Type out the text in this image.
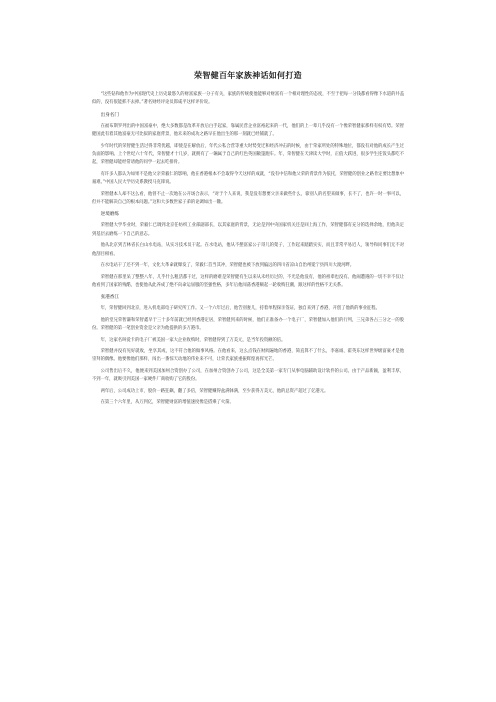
荣智健百年家族神话如何打造
“这些钻和他作为中国现代史上历史最悠久的财富家族一分子有关，家族的传统使他能够对财富有一个相对理性的态度，不至于把每一分钱都看得像下水道的井盖似的，没有很能抓不去掉。”著名财经评论员郎咸平这样评价说。
出身名门
在福布斯罗列出的中国富豪中，绝大多数都是改革开放后白手起家，靠属民营企业富裕起来的一代，他们的上一辈几乎没有一个像荣智健家那样有权有势。荣智健国此有着其他富豪无可比拟的家庭背景，他未来的成功之路早在他出生的那一刻就已经铺就了。
少年时代的荣智健生活过得非常优越，即使是在解放后，年代公私合营等重大时势变迁和经济冲击的时候，由于荣家所处的特殊地位，都没有对他的成长产生过负面的影响。上个世纪六十年代，荣智健才十几岁，就拥有了一辆属于自己的红色英国敞篷跑车。年，荣智健在天津读大学时，正值大跃进，很多学生连饭头都吃不起，荣智健却能经常请他的同学一起去吃排骨。
有许多人都认为如果不是他父亲荣毅仁的影响，他在香港根本不会取得今天这样的成就，“没有中信和他父荣的背景作为依托，荣智健的创业之路肯定要比想象中艰难。”中国人民大学历史系教授马克锋说。
荣智健本人却不这么看，他曾不止一次地在公开场合表示，“对于个人来说，我是没有想要父亲来做些什么，靠别人的名望来做事，长不了，也许一时一事可以，但并不能解决自己的根本问题。”这和大多数世家子弟的论调如出一辙。
逆境磨练
荣智健大学毕业时，荣毅仁已调到北京任纺织工业部副部长，以其家庭的背景，无论是到中央国家机关还是回上海工作，荣智健都有充分的选择余地，但他决定到基层去磨练一下自己的意志。
他从北京到吉林省长白山水电站，从实习技术员干起。在水电站，他从不摆富家公子哥儿的架子，工作起来踏踏实实，而且非常平易近人，领导和同事们无不对他刮目相看。
在水电站干了还不到一年，文化大革命就爆发了，荣毅仁首当其冲，荣智健也被下放到偏远的四川省凉山自治州冕宁县四川大渡河畔。
荣智健在那里呆了整整八年，几乎什么粗活都干过，这样的磨难是荣智健有生以来从未经历过的，不光是他没有，他的祖辈也没有。他闹遭遇的一切不幸不仅让他看到了国家的残酷，也使他从此养成了绝不向命运屈服的坚强性格，多年后他闯荡香港颇起一轮收购狂潮，跟这样的性格不无关系。
张港香江
年，荣智健回到北京，进入机电部电子研究所工作。又一个六年过后，他告别妻儿，持着单程探亲签证，独自来到了香港，开创了他新的事业征程。
他的堂兄荣智谦和荣智鑫早于三十多年前就已经到香港定居，荣智健到来的时候，他们正准备办一个电子厂，荣智健加入他们的行列，三兄弟各占三分之一的股份。荣智健的第一笔创业资金是父亲为他提供的多万港币。
年，这家名叫爱卡的电子厂被美国一家大企业收购时，荣智健得到了万美元，是当年投资额的倍。
荣智健并没有见好就收，坐享其成，这不符合他的做事风格。在他看来，这么点钱在财阀遍地的香港，简直算不了什么，李嘉诚、霍英东这样世界级富豪才是他崇拜的偶像。他要像他们那样，闯出一番惊天动地的伟业来不可，让荣氏家族重振辉煌再挥光芒。
公司售出后不久，他便来到美国加州合资创办了公司，在加州合资创办了公司，这是全美第一家专门从事电脑辅助设计软件的公司。由于产品新颖，盈利丰厚，不到一年，就吸引到美国一家硬件厂商收购了它的股份。
两年后，公司成功上市，股价一路狂飙，翻了多倍，荣智健赚得盆满钵满，至少获得万美元，他的总资产超过了亿港元。
在第三个六年里，从万到亿，荣智健财富的增值速度像是搭乘了火箭。
